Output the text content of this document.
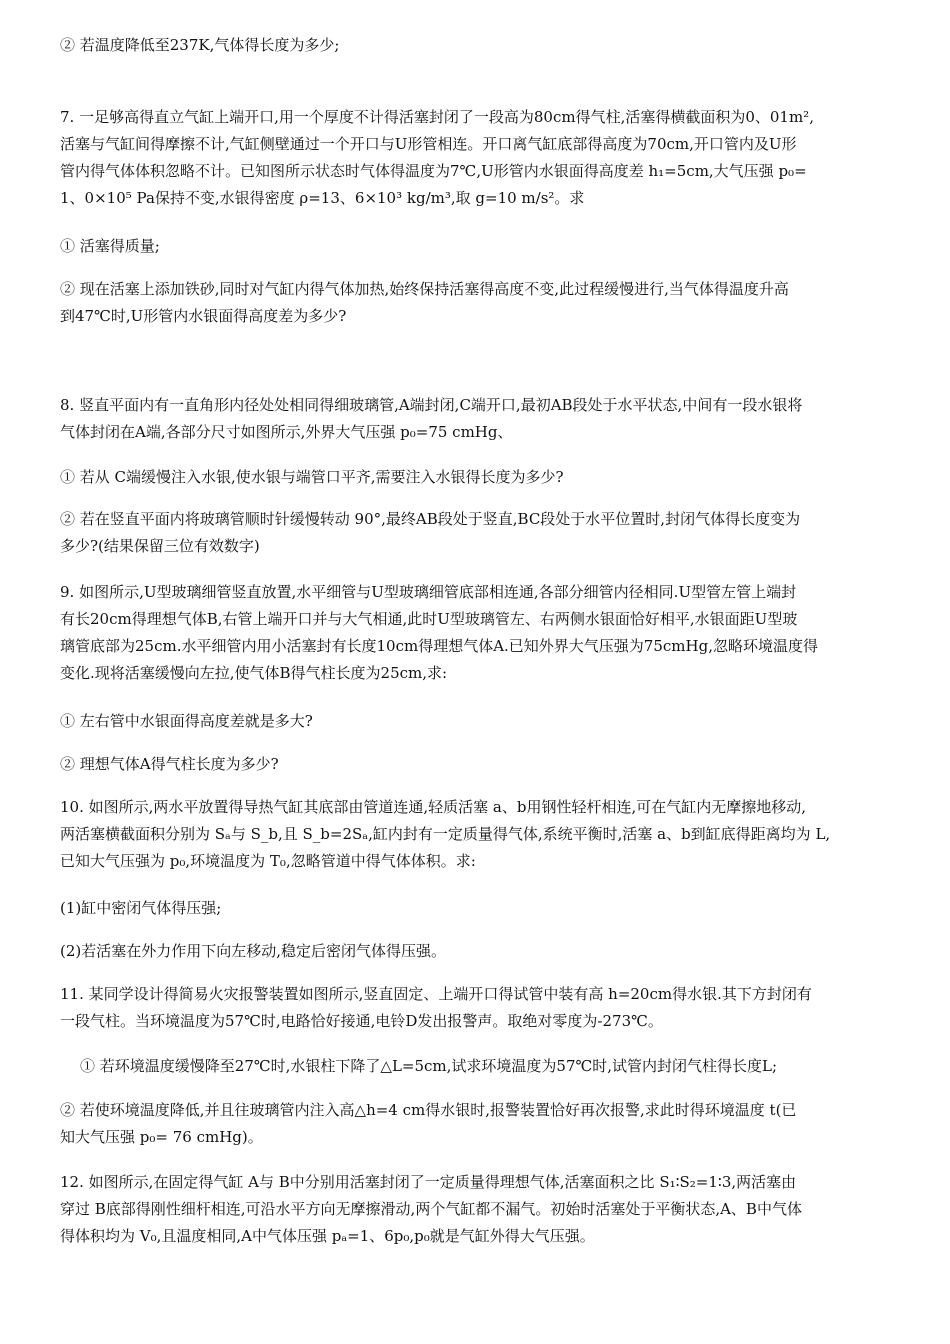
② 若温度降低至237K,气体得长度为多少;

7. 一足够高得直立气缸上端开口,用一个厚度不计得活塞封闭了一段高为80cm得气柱,活塞得横截面积为0、01m²,
活塞与气缸间得摩擦不计,气缸侧壁通过一个开口与U形管相连。开口离气缸底部得高度为70cm,开口管内及U形
管内得气体体积忽略不计。已知图所示状态时气体得温度为7℃,U形管内水银面得高度差 h₁=5cm,大气压强 p₀=
1、0×10⁵ Pa保持不变,水银得密度 ρ=13、6×10³ kg/m³,取 g=10 m/s²。求

① 活塞得质量;

② 现在活塞上添加铁砂,同时对气缸内得气体加热,始终保持活塞得高度不变,此过程缓慢进行,当气体得温度升高
到47℃时,U形管内水银面得高度差为多少?

8. 竖直平面内有一直角形内径处处相同得细玻璃管,A端封闭,C端开口,最初AB段处于水平状态,中间有一段水银将
气体封闭在A端,各部分尺寸如图所示,外界大气压强 p₀=75 cmHg、

① 若从 C端缓慢注入水银,使水银与端管口平齐,需要注入水银得长度为多少?

② 若在竖直平面内将玻璃管顺时针缓慢转动 90°,最终AB段处于竖直,BC段处于水平位置时,封闭气体得长度变为
多少?(结果保留三位有效数字)

9. 如图所示,U型玻璃细管竖直放置,水平细管与U型玻璃细管底部相连通,各部分细管内径相同.U型管左管上端封
有长20cm得理想气体B,右管上端开口并与大气相通,此时U型玻璃管左、右两侧水银面恰好相平,水银面距U型玻
璃管底部为25cm.水平细管内用小活塞封有长度10cm得理想气体A.已知外界大气压强为75cmHg,忽略环境温度得
变化.现将活塞缓慢向左拉,使气体B得气柱长度为25cm,求:

① 左右管中水银面得高度差就是多大?

② 理想气体A得气柱长度为多少?

10. 如图所示,两水平放置得导热气缸其底部由管道连通,轻质活塞 a、b用钢性轻杆相连,可在气缸内无摩擦地移动,
两活塞横截面积分别为 Sₐ与 S_b,且 S_b=2Sₐ,缸内封有一定质量得气体,系统平衡时,活塞 a、b到缸底得距离均为 L,
已知大气压强为 p₀,环境温度为 T₀,忽略管道中得气体体积。求:

(1)缸中密闭气体得压强;

(2)若活塞在外力作用下向左移动,稳定后密闭气体得压强。

11. 某同学设计得简易火灾报警装置如图所示,竖直固定、上端开口得试管中装有高 h=20cm得水银.其下方封闭有
一段气柱。当环境温度为57℃时,电路恰好接通,电铃D发出报警声。取绝对零度为-273℃。

① 若环境温度缓慢降至27℃时,水银柱下降了△L=5cm,试求环境温度为57℃时,试管内封闭气柱得长度L;

② 若使环境温度降低,并且往玻璃管内注入高△h=4 cm得水银时,报警装置恰好再次报警,求此时得环境温度 t(已
知大气压强 p₀= 76 cmHg)。

12. 如图所示,在固定得气缸 A与 B中分别用活塞封闭了一定质量得理想气体,活塞面积之比 S₁∶S₂=1∶3,两活塞由
穿过 B底部得刚性细杆相连,可沿水平方向无摩擦滑动,两个气缸都不漏气。初始时活塞处于平衡状态,A、B中气体
得体积均为 V₀,且温度相同,A中气体压强 pₐ=1、6p₀,p₀就是气缸外得大气压强。
